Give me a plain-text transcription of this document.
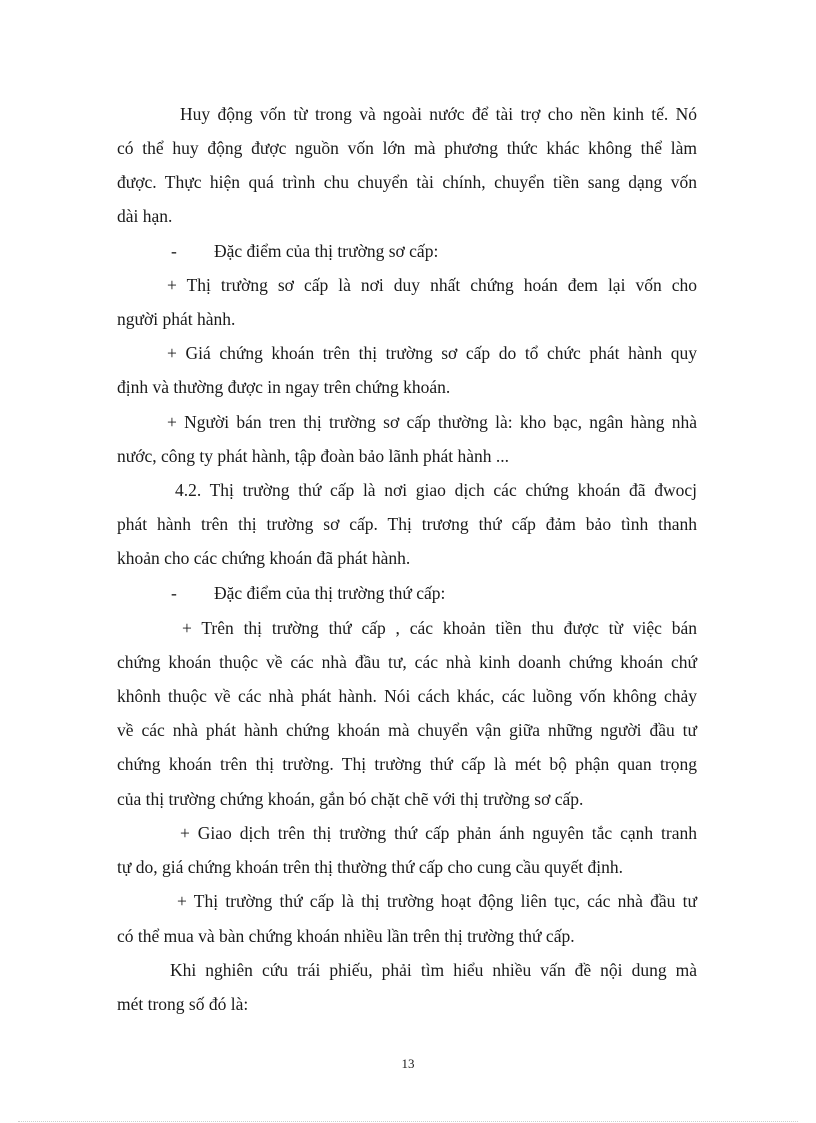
Huy động vốn từ trong và ngoài nước để tài trợ cho nền kinh tế. Nó

có thể huy động được nguồn vốn lớn mà phương thức khác không thể làm

được. Thực hiện quá trình chu chuyển tài chính, chuyển tiền sang dạng vốn

dài hạn.

- Đặc điểm của thị trường sơ cấp:

+ Thị trường sơ cấp là nơi duy nhất chứng hoán đem lại vốn cho

người phát hành.

+ Giá chứng khoán trên thị trường sơ cấp do tổ chức phát hành quy

định và thường được in ngay trên chứng khoán.

+ Người bán tren thị trường sơ cấp thường là: kho bạc, ngân hàng nhà

nước, công ty phát hành, tập đoàn bảo lãnh phát hành ...

4.2. Thị trường thứ cấp là nơi giao dịch các chứng khoán đã đwocj

phát hành trên thị trường sơ cấp. Thị trương thứ cấp đảm bảo tình thanh

khoản cho các chứng khoán đã phát hành.

- Đặc điểm của thị trường thứ cấp:

+ Trên thị trường thứ cấp , các khoản tiền thu được từ việc bán

chứng khoán thuộc về các nhà đầu tư, các nhà kinh doanh chứng khoán chứ

khônh thuộc về các nhà phát hành. Nói cách khác, các luồng vốn không chảy

về các nhà phát hành chứng khoán mà chuyển vận giữa những người đầu tư

chứng khoán trên thị trường. Thị trường thứ cấp là mét bộ phận quan trọng

của thị trường chứng khoán, gắn bó chặt chẽ với thị trường sơ cấp.

+ Giao dịch trên thị trường thứ cấp phản ánh nguyên tắc cạnh tranh

tự do, giá chứng khoán trên thị thường thứ cấp cho cung cầu quyết định.

+ Thị trường thứ cấp là thị trường hoạt động liên tục, các nhà đầu tư

có thể mua và bàn chứng khoán nhiều lần trên thị trường thứ cấp.

Khi nghiên cứu trái phiếu, phải tìm hiểu nhiều vấn đề nội dung mà

mét trong số đó là:

13
